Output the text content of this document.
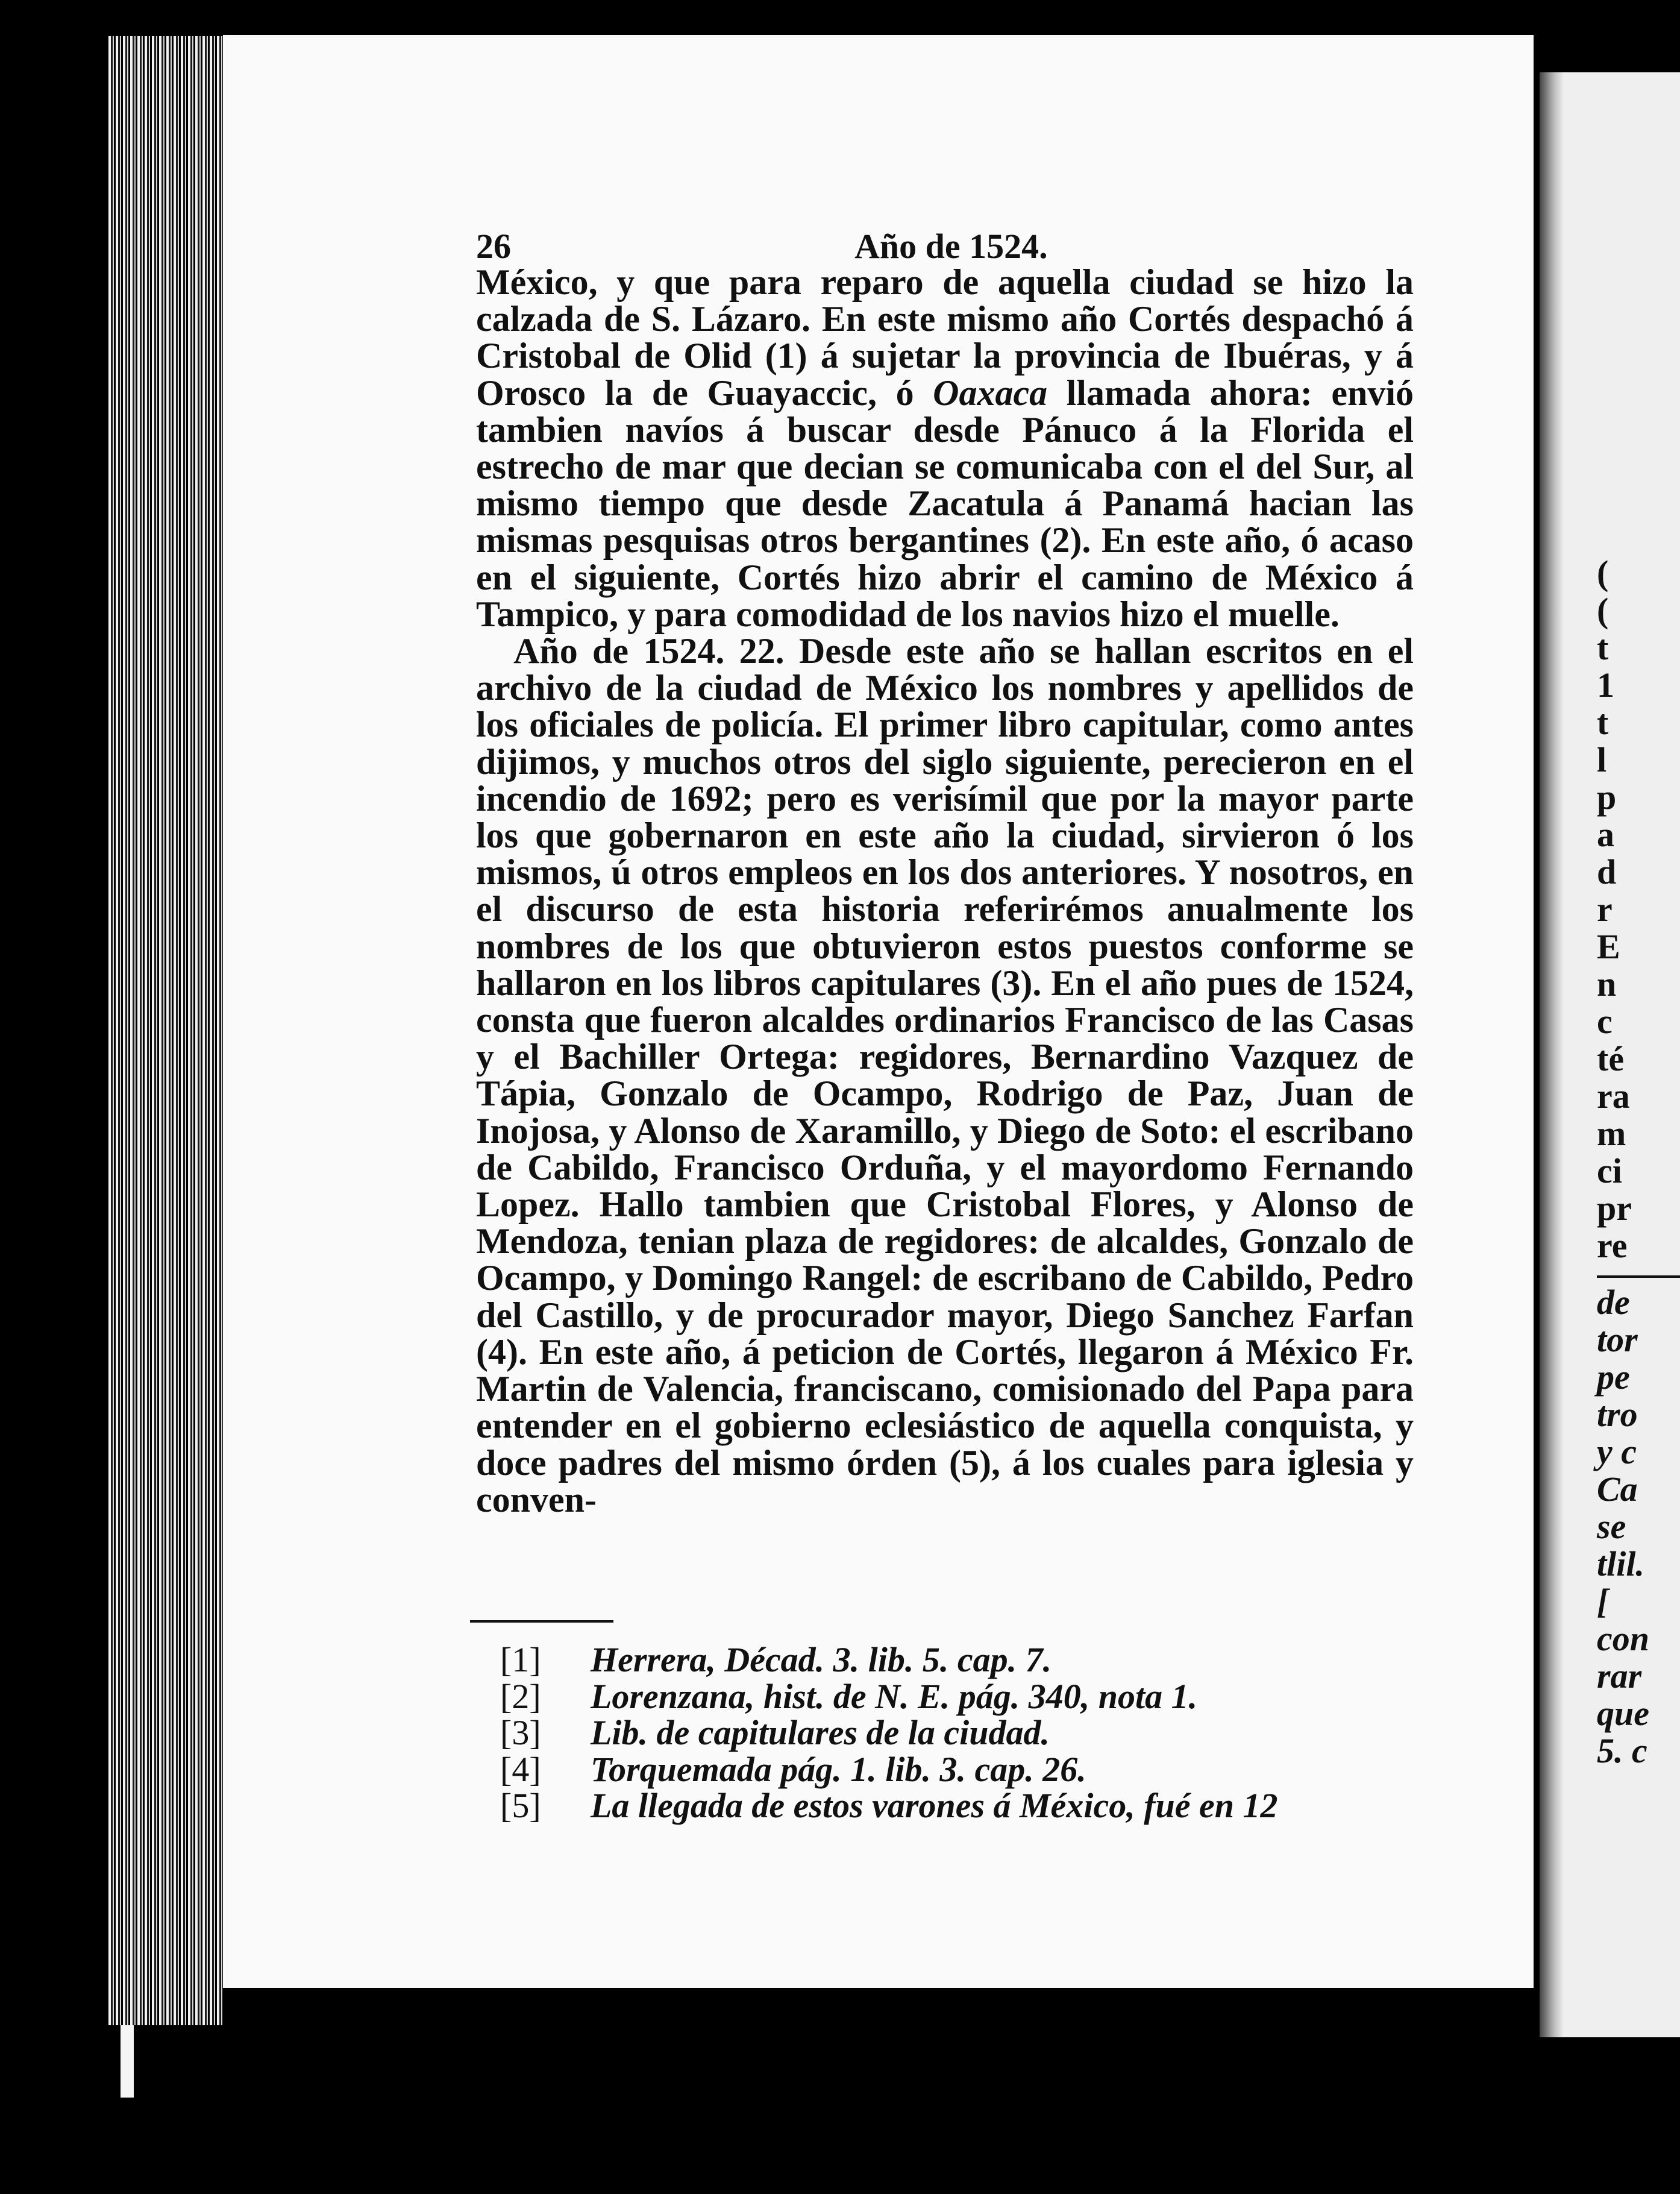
(
(
t
1
t
l
p
a
d
r
E
n
c
té
ra
m
ci
pr
re
de
tor
pe
tro
y c
Ca
se
tlil.
[
con
rar
que
5. c
26	Año de 1524.

México, y que para reparo de aquella ciudad se hizo la calzada de S. Lázaro. En este mismo año Cortés despachó á Cristobal de Olid (1) á sujetar la provincia de Ibuéras, y á Orosco la de Guayaccic, ó Oaxaca llamada ahora: envió tambien navíos á buscar desde Pánuco á la Florida el estrecho de mar que decian se comunicaba con el del Sur, al mismo tiempo que desde Zacatula á Panamá hacian las mismas pesquisas otros bergantines (2). En este año, ó acaso en el siguiente, Cortés hizo abrir el camino de México á Tampico, y para comodidad de los navios hizo el muelle.

Año de 1524. 22. Desde este año se hallan escritos en el archivo de la ciudad de México los nombres y apellidos de los oficiales de policía. El primer libro capitular, como antes dijimos, y muchos otros del siglo siguiente, perecieron en el incendio de 1692; pero es verisímil que por la mayor parte los que gobernaron en este año la ciudad, sirvieron ó los mismos, ú otros empleos en los dos anteriores. Y nosotros, en el discurso de esta historia referirémos anualmente los nombres de los que obtuvieron estos puestos conforme se hallaron en los libros capitulares (3). En el año pues de 1524, consta que fueron alcaldes ordinarios Francisco de las Casas y el Bachiller Ortega: regidores, Bernardino Vazquez de Tápia, Gonzalo de Ocampo, Rodrigo de Paz, Juan de Inojosa, y Alonso de Xaramillo, y Diego de Soto: el escribano de Cabildo, Francisco Orduña, y el mayordomo Fernando Lopez. Hallo tambien que Cristobal Flores, y Alonso de Mendoza, tenian plaza de regidores: de alcaldes, Gonzalo de Ocampo, y Domingo Rangel: de escribano de Cabildo, Pedro del Castillo, y de procurador mayor, Diego Sanchez Farfan (4). En este año, á peticion de Cortés, llegaron á México Fr. Martin de Valencia, franciscano, comisionado del Papa para entender en el gobierno eclesiástico de aquella conquista, y doce padres del mismo órden (5), á los cuales para iglesia y conven-

[1]	Herrera, Décad. 3. lib. 5. cap. 7.
[2]	Lorenzana, hist. de N. E. pág. 340, nota 1.
[3]	Lib. de capitulares de la ciudad.
[4]	Torquemada pág. 1. lib. 3. cap. 26.
[5]	La llegada de estos varones á México, fué en 12
